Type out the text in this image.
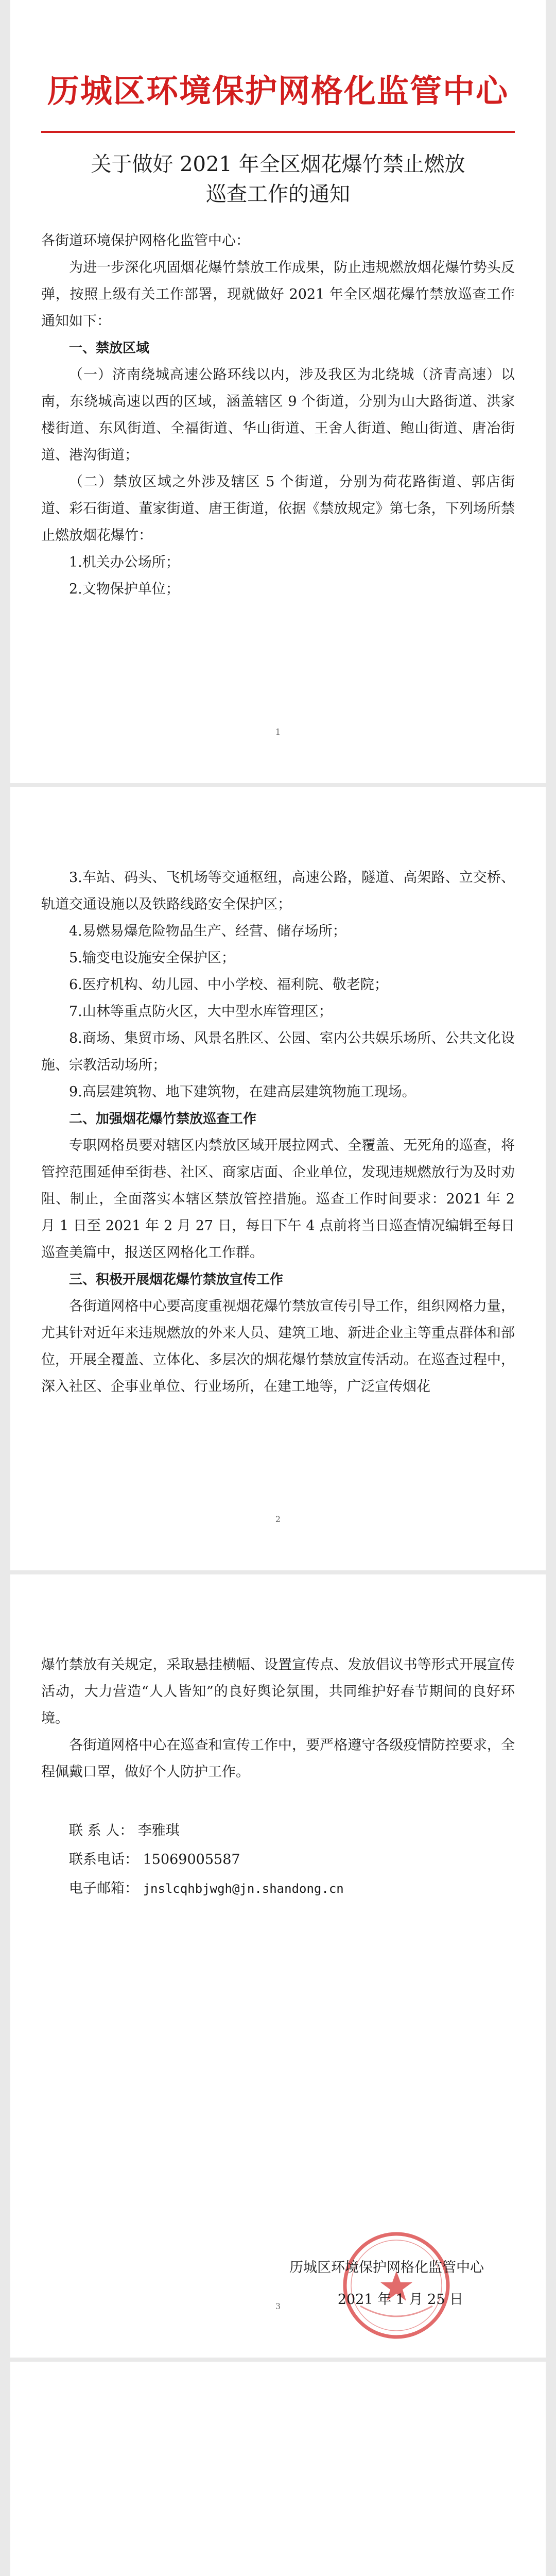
历城区环境保护网格化监管中心
关于做好 2021 年全区烟花爆竹禁止燃放
巡查工作的通知

各街道环境保护网格化监管中心：

为进一步深化巩固烟花爆竹禁放工作成果，防止违规燃放烟花爆竹势头反弹，按照上级有关工作部署，现就做好 2021 年全区烟花爆竹禁放巡查工作通知如下：

一、禁放区域

（一）济南绕城高速公路环线以内，涉及我区为北绕城（济青高速）以南，东绕城高速以西的区域，涵盖辖区 9 个街道，分别为山大路街道、洪家楼街道、东风街道、全福街道、华山街道、王舍人街道、鲍山街道、唐冶街道、港沟街道；

（二）禁放区域之外涉及辖区 5 个街道，分别为荷花路街道、郭店街道、彩石街道、董家街道、唐王街道，依据《禁放规定》第七条，下列场所禁止燃放烟花爆竹：

1.机关办公场所；

2.文物保护单位；

1

3.车站、码头、飞机场等交通枢纽，高速公路，隧道、高架路、立交桥、轨道交通设施以及铁路线路安全保护区；

4.易燃易爆危险物品生产、经营、储存场所；

5.输变电设施安全保护区；

6.医疗机构、幼儿园、中小学校、福利院、敬老院；

7.山林等重点防火区，大中型水库管理区；

8.商场、集贸市场、风景名胜区、公园、室内公共娱乐场所、公共文化设施、宗教活动场所；

9.高层建筑物、地下建筑物，在建高层建筑物施工现场。

二、加强烟花爆竹禁放巡查工作

专职网格员要对辖区内禁放区域开展拉网式、全覆盖、无死角的巡查，将管控范围延伸至街巷、社区、商家店面、企业单位，发现违规燃放行为及时劝阻、制止，全面落实本辖区禁放管控措施。巡查工作时间要求：2021 年 2 月 1 日至 2021 年 2 月 27 日，每日下午 4 点前将当日巡查情况编辑至每日巡查美篇中，报送区网格化工作群。

三、积极开展烟花爆竹禁放宣传工作

各街道网格中心要高度重视烟花爆竹禁放宣传引导工作，组织网格力量，尤其针对近年来违规燃放的外来人员、建筑工地、新进企业主等重点群体和部位，开展全覆盖、立体化、多层次的烟花爆竹禁放宣传活动。在巡查过程中，深入社区、企事业单位、行业场所，在建工地等，广泛宣传烟花

2

爆竹禁放有关规定，采取悬挂横幅、设置宣传点、发放倡议书等形式开展宣传活动，大力营造“人人皆知”的良好舆论氛围，共同维护好春节期间的良好环境。

各街道网格中心在巡查和宣传工作中，要严格遵守各级疫情防控要求，全程佩戴口罩，做好个人防护工作。

联 系 人： 李雅琪
联系电话： 15069005587
电子邮箱： jnslcqhbjwgh@jn.shandong.cn
历城区环境保护网格化监管中心
2021 年 1 月 25 日
3
